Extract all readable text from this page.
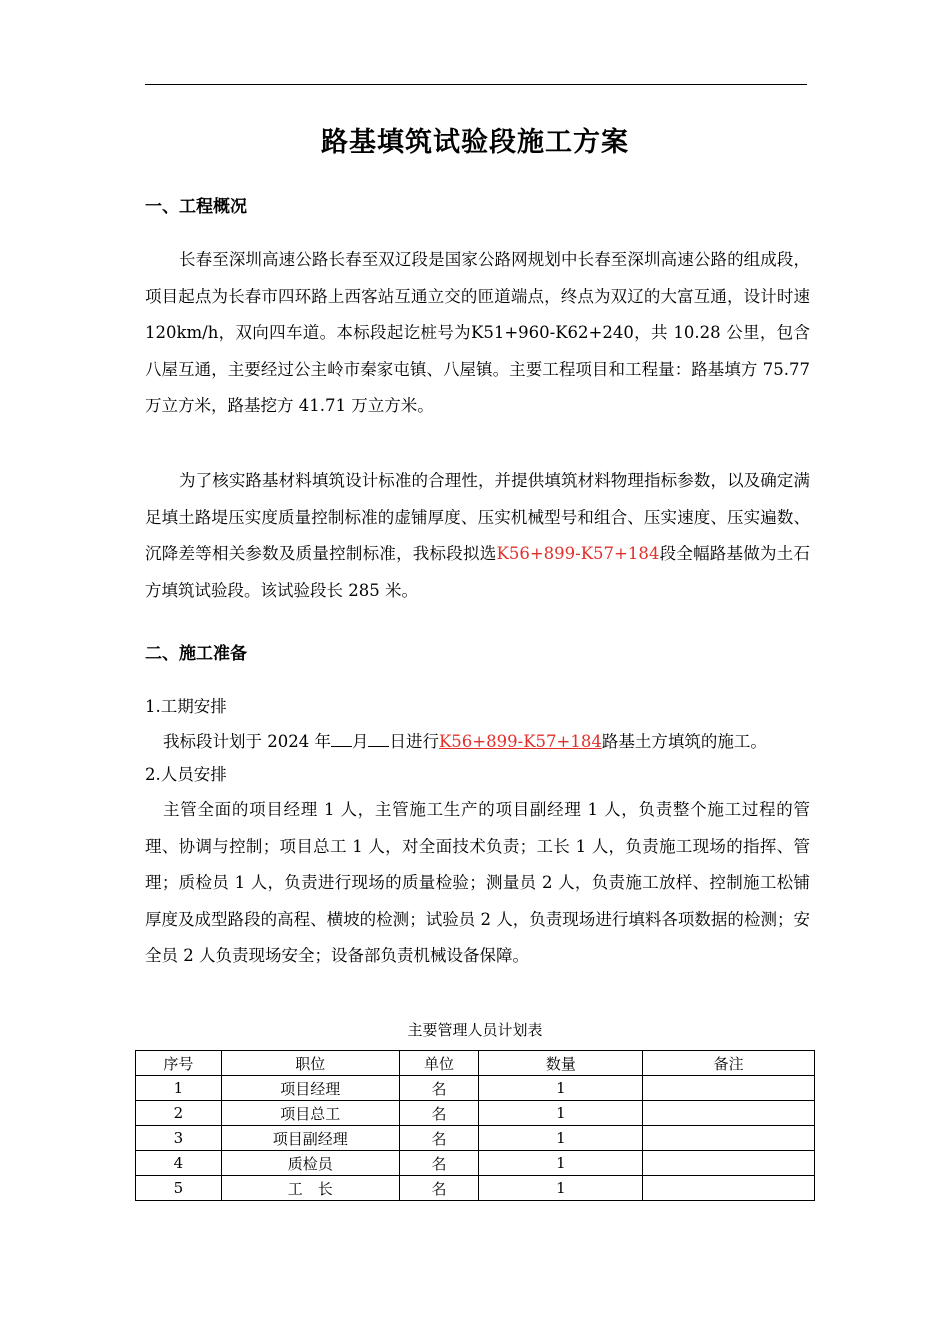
路基填筑试验段施工方案
一、工程概况
长春至深圳高速公路长春至双辽段是国家公路网规划中长春至深圳高速公路的组成段，项目起点为长春市四环路上西客站互通立交的匝道端点，终点为双辽的大富互通，设计时速 120km/h，双向四车道。本标段起讫桩号为K51+960-K62+240，共 10.28 公里，包含八屋互通，主要经过公主岭市秦家屯镇、八屋镇。主要工程项目和工程量：路基填方 75.77 万立方米，路基挖方 41.71 万立方米。
为了核实路基材料填筑设计标准的合理性，并提供填筑材料物理指标参数，以及确定满足填土路堤压实度质量控制标准的虚铺厚度、压实机械型号和组合、压实速度、压实遍数、沉降差等相关参数及质量控制标准，我标段拟选K56+899-K57+184段全幅路基做为土石方填筑试验段。该试验段长 285 米。
二、施工准备
1.工期安排
我标段计划于 2024 年 月 日进行K56+899-K57+184路基土方填筑的施工。
2.人员安排
主管全面的项目经理 1 人，主管施工生产的项目副经理 1 人，负责整个施工过程的管理、协调与控制；项目总工 1 人，对全面技术负责；工长 1 人，负责施工现场的指挥、管理；质检员 1 人，负责进行现场的质量检验；测量员 2 人，负责施工放样、控制施工松铺厚度及成型路段的高程、横坡的检测；试验员 2 人，负责现场进行填料各项数据的检测；安全员 2 人负责现场安全；设备部负责机械设备保障。
主要管理人员计划表
序号	职位	单位	数量	备注
1	项目经理	名	1	
2	项目总工	名	1	
3	项目副经理	名	1	
4	质检员	名	1	
5	工　长	名	1	
